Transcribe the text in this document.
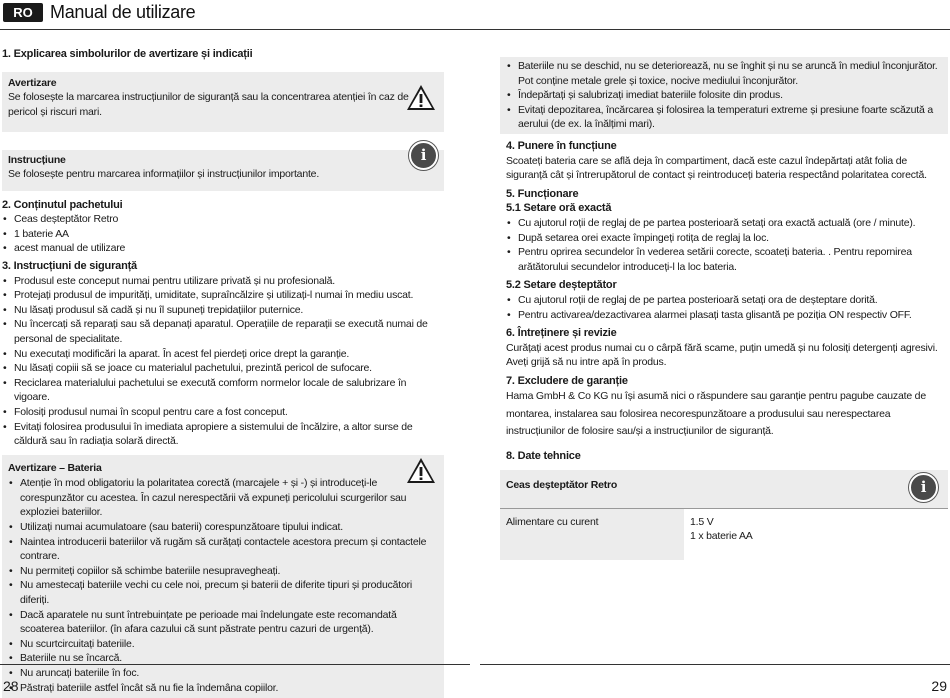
RO Manual de utilizare
1. Explicarea simbolurilor de avertizare și indicații
Avertizare
Se folosește la marcarea instrucțiunilor de siguranță sau la concentrarea atenției în caz de pericol și riscuri mari.
Instrucțiune
Se folosește pentru marcarea informațiilor și instrucțiunilor importante.
i
2. Conținutul pachetului
• Ceas deșteptător Retro
• 1 baterie AA
• acest manual de utilizare
3. Instrucțiuni de siguranță
• Produsul este conceput numai pentru utilizare privată și nu profesională.
• Protejați produsul de impurități, umiditate, supraîncălzire și utilizați-l numai în mediu uscat.
• Nu lăsați produsul să cadă și nu îl supuneți trepidațiilor puternice.
• Nu încercați să reparați sau să depanați aparatul. Operațiile de reparații se execută numai de personal de specialitate.
• Nu executați modificări la aparat. În acest fel pierdeți orice drept la garanție.
• Nu lăsați copiii să se joace cu materialul pachetului, prezintă pericol de sufocare.
• Reciclarea materialului pachetului se execută comform normelor locale de salubrizare în vigoare.
• Folosiți produsul numai în scopul pentru care a fost conceput.
• Evitați folosirea produsului în imediata apropiere a sistemului de încălzire, a altor surse de căldură sau în radiația solară directă.
Avertizare – Bateria
• Atenție în mod obligatoriu la polaritatea corectă (marcajele + și -) și introduceți-le corespunzător cu acestea. În cazul nerespectării vă expuneți pericolului scurgerilor sau exploziei bateriilor.
• Utilizați numai acumulatoare (sau baterii) corespunzătoare tipului indicat.
• Naintea introducerii bateriilor vă rugăm să curățați contactele acestora precum și contactele contrare.
• Nu permiteți copiilor să schimbe bateriile nesupravegheați.
• Nu amestecați bateriile vechi cu cele noi, precum și baterii de diferite tipuri și producători diferiți.
• Dacă aparatele nu sunt întrebuințate pe perioade mai îndelungate este recomandată scoaterea bateriilor. (în afara cazului că sunt păstrate pentru cazuri de urgență).
• Nu scurtcircuitați bateriile.
• Bateriile nu se încarcă.
• Nu aruncați bateriile în foc.
• Păstrați bateriile astfel încât să nu fie la îndemâna copiilor.
• Bateriile nu se deschid, nu se deteriorează, nu se înghit și nu se aruncă în mediul înconjurător. Pot conține metale grele și toxice, nocive mediului înconjurător.
• Îndepărtați și salubrizați imediat bateriile folosite din produs.
• Evitați depozitarea, încărcarea și folosirea la temperaturi extreme și presiune foarte scăzută a aerului (de ex. la înălțimi mari).
4. Punere în funcțiune
Scoateți bateria care se află deja în compartiment, dacă este cazul îndepărtați atât folia de siguranță cât și întrerupătorul de contact și reintroduceți bateria respectând polaritatea corectă.
5. Funcționare
5.1 Setare oră exactă
• Cu ajutorul roții de reglaj de pe partea posterioară setați ora exactă actuală (ore / minute).
• După setarea orei exacte împingeți rotița de reglaj la loc.
• Pentru oprirea secundelor în vederea setării corecte, scoateți bateria. . Pentru repornirea arătătorului secundelor introduceți-l la loc bateria.
5.2 Setare deșteptător
• Cu ajutorul roții de reglaj de pe partea posterioară setați ora de deșteptare dorită.
• Pentru activarea/dezactivarea alarmei plasați tasta glisantă pe poziția ON respectiv OFF.
6. Întreținere și revizie
Curățați acest produs numai cu o cârpă fără scame, puțin umedă și nu folosiți detergenți agresivi. Aveți grijă să nu intre apă în produs.
7. Excludere de garanție
Hama GmbH & Co KG nu își asumă nici o răspundere sau garanție pentru pagube cauzate de montarea, instalarea sau folosirea necorespunzătoare a produsului sau nerespectarea instrucțiunilor de folosire sau/și a instrucțiunilor de siguranță.
8. Date tehnice
Ceas deșteptător Retro	i

Alimentare cu curent	1.5 V
1 x baterie AA
28	29
